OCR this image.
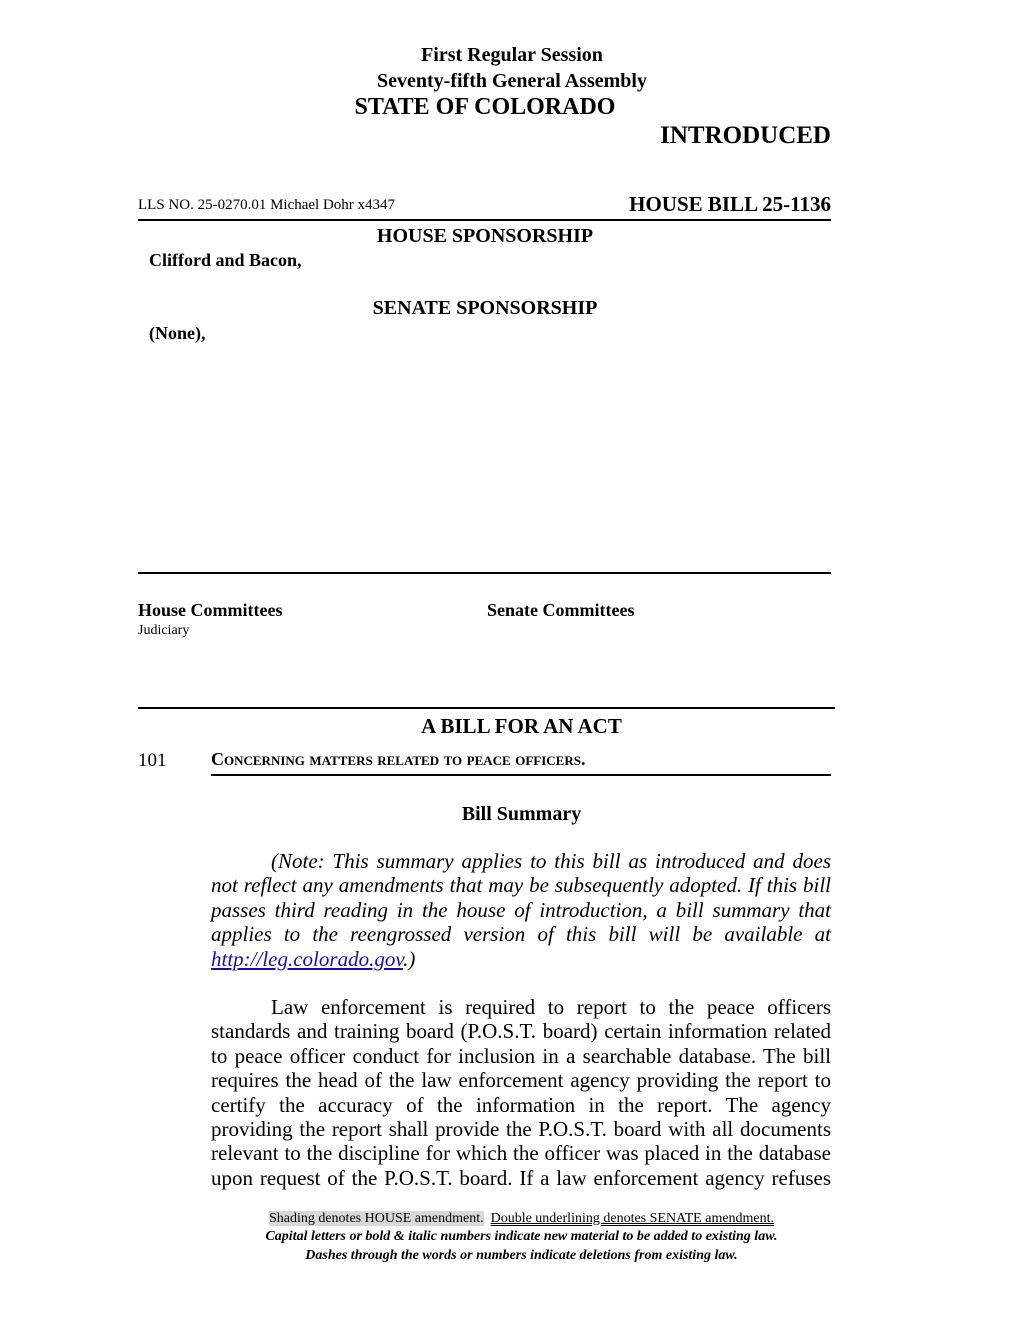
First Regular Session
Seventy-fifth General Assembly
STATE OF COLORADO
INTRODUCED
LLS NO. 25-0270.01 Michael Dohr x4347	HOUSE BILL 25-1136
HOUSE SPONSORSHIP
Clifford and Bacon,
SENATE SPONSORSHIP
(None),
House Committees
Judiciary
Senate Committees
A BILL FOR AN ACT
101 Concerning matters related to peace officers.
Bill Summary
(Note: This summary applies to this bill as introduced and does
not reflect any amendments that may be subsequently adopted. If this bill
passes third reading in the house of introduction, a bill summary that
applies to the reengrossed version of this bill will be available at
http://leg.colorado.gov.)
Law enforcement is required to report to the peace officers
standards and training board (P.O.S.T. board) certain information related
to peace officer conduct for inclusion in a searchable database. The bill
requires the head of the law enforcement agency providing the report to
certify the accuracy of the information in the report. The agency
providing the report shall provide the P.O.S.T. board with all documents
relevant to the discipline for which the officer was placed in the database
upon request of the P.O.S.T. board. If a law enforcement agency refuses
Shading denotes HOUSE amendment. Double underlining denotes SENATE amendment.
Capital letters or bold & italic numbers indicate new material to be added to existing law.
Dashes through the words or numbers indicate deletions from existing law.
